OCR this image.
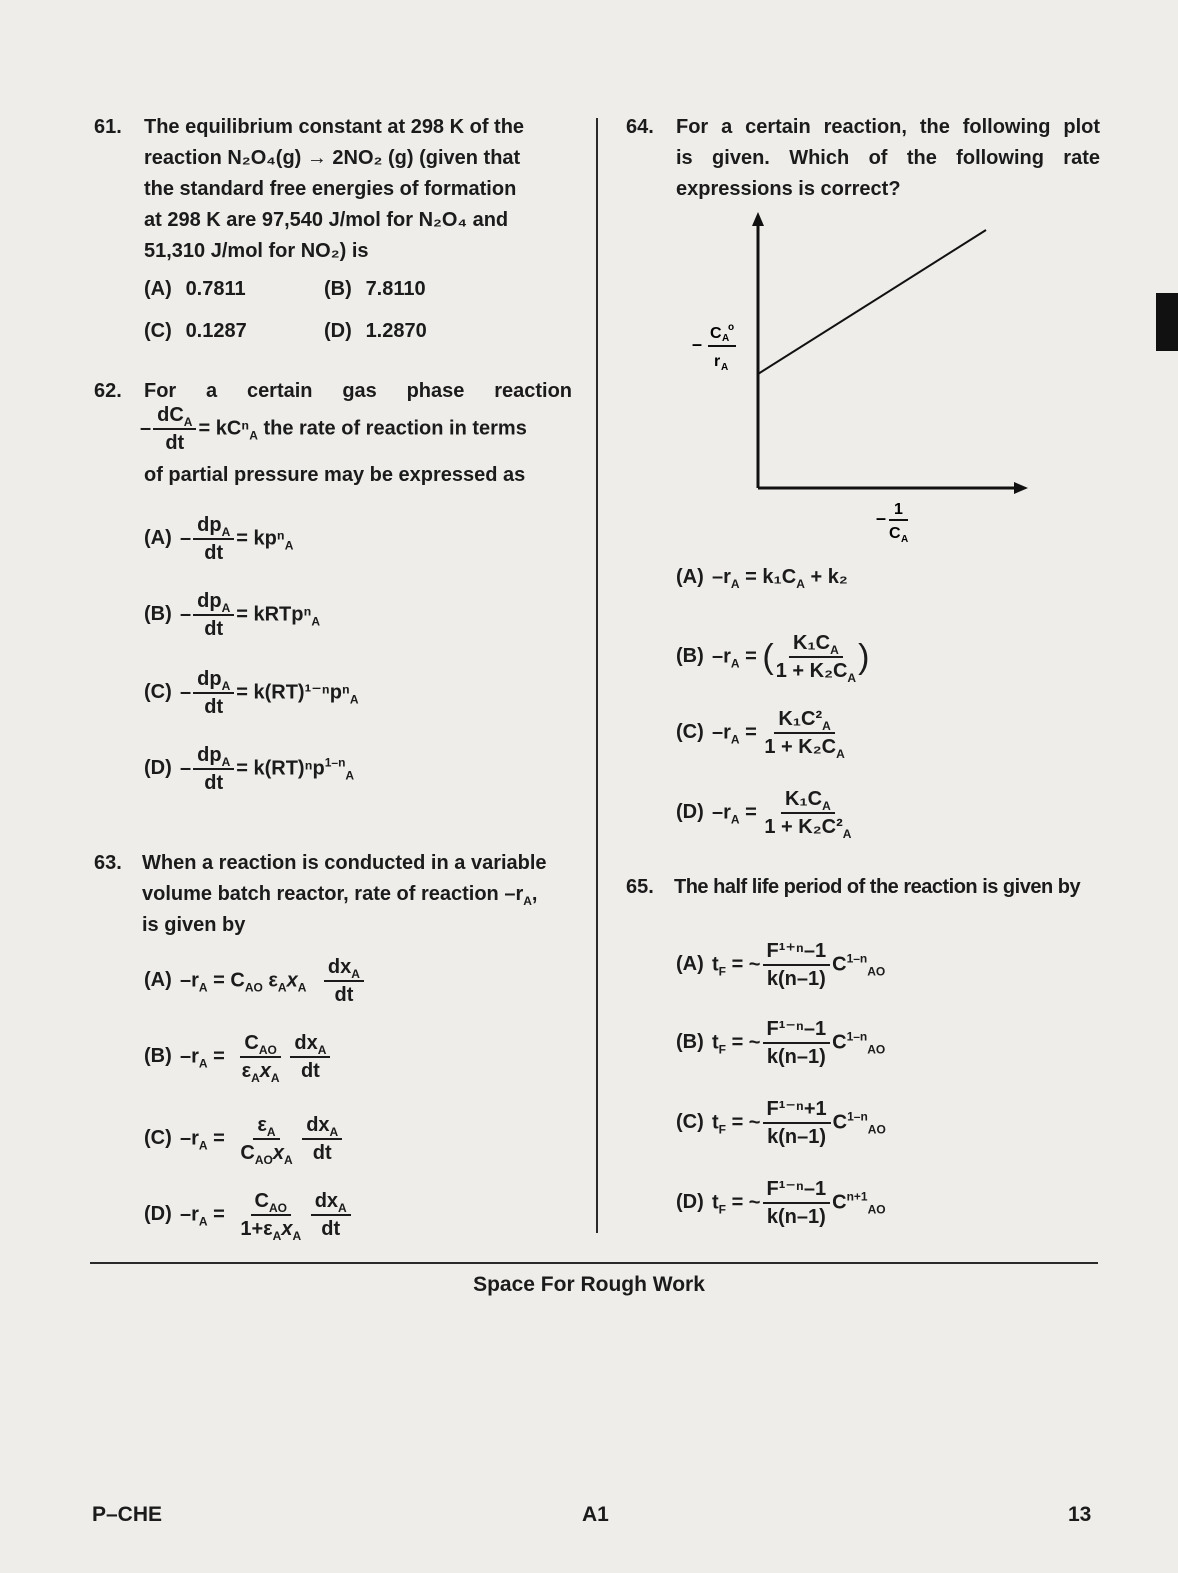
61.	The equilibrium constant at 298 K of the
reaction N₂O₄(g) → 2NO₂ (g) (given that
the standard free energies of formation
at 298 K are 97,540 J/mol for N₂O₄ and
51,310 J/mol for NO₂) is
(A) 0.7811	(B) 7.8110
(C) 0.1287	(D) 1.2870
62.	For a certain gas phase reaction
– $\frac{dC_A}{dt} = kC^n_A$ the rate of reaction in terms
of partial pressure may be expressed as
$(A) - \frac{dp_A}{dt} = kp^n_A$
$(B) - \frac{dp_A}{dt}$ = kRTpⁿ$_A$
$(C) - \frac{dp_A}{dt} = k(RT)^{1-n}p^n_A$
$(D) - \frac{dp_A}{dt} = k(RT)^np^{1-n}_A$
63.	When a reaction is conducted in a variable
volume batch reactor, rate of reaction $-r_A$,
is given by
(A) $-r_A = C_{AO}$ $\varepsilon_Ax_A \frac{dx_A}{dt}$
(B) $-r_A = \frac{C_{AO}}{\varepsilon_Ax_A}$
$\frac{dx_A}{dt}$
(C) $-r_A = \frac{\varepsilon_A}{C_{AO}x_A}$
$\frac{dx_A}{dt}$
(D) $-r_A = \frac{C_{AO}}{1+\varepsilon_Ax_A}$
$\frac{dx_A}{dt}$
64.	For a certain reaction, the following plot
is given. Which of the following rate
expressions is correct?
–
C A
o
r A
– 1
C A
(A) $-r_A = k_1C_A + k_2$
(B) $-r_A$ = ( $\frac{K_1C_A}{1 + K_2C_A}$ )
(C) $-r_A = \frac{K_1C^2_A}{1 + K_2C_A}$
(D) $-r_A = \frac{K_1C_A}{1 + K_2C^2_A}$
65.	The half life period of the reaction is given by
(A) $t_F$ = ~ $\frac{\text{F¹⁺ⁿ–1}}{k(n-1)} C^{1-n}_{AO}$
(B) $t_F$ = ~ $\frac{\text{F¹⁻ⁿ–1}}{k(n-1)} C^{1-n}_{AO}$
(C) $t_F$ = ~ $\frac{\text{F¹⁻ⁿ+1}}{k(n-1)} C^{1-n}_{AO}$
(D) $t_F$ = ~ $\frac{\text{F¹⁻ⁿ–1}}{k(n-1)} C^{n+1}_{AO}$
Space For Rough Work
P–CHE	A1	13
